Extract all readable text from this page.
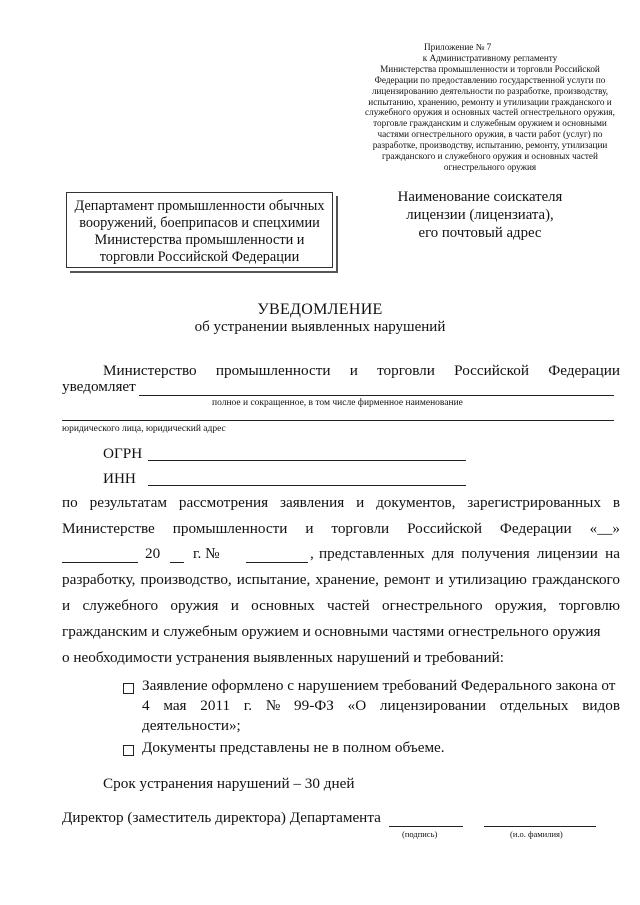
Приложение № 7
к Административному регламенту
Министерства промышленности и торговли Российской
Федерации по предоставлению государственной услуги по
лицензированию деятельности по разработке, производству,
испытанию, хранению, ремонту и утилизации гражданского и
служебного оружия и основных частей огнестрельного оружия,
торговле гражданским и служебным оружием и основными
частями огнестрельного оружия, в части работ (услуг) по
разработке, производству, испытанию, ремонту, утилизации
гражданского и служебного оружия и основных частей
огнестрельного оружия
Департамент промышленности обычных
вооружений, боеприпасов и спецхимии
Министерства промышленности и
торговли Российской Федерации
Наименование соискателя
лицензии (лицензиата),
его почтовый адрес
УВЕДОМЛЕНИЕ
об устранении выявленных нарушений
Министерство промышленности и торговли Российской Федерации
уведомляет
полное и сокращенное, в том числе фирменное наименование
юридического лица, юридический адрес
ОГРН
ИНН
по результатам рассмотрения заявления и документов, зарегистрированных в
Министерстве промышленности и торговли Российской Федерации «__»
20 г. №	, представленных для получения лицензии на
разработку, производство, испытание, хранение, ремонт и утилизацию гражданского
и служебного оружия и основных частей огнестрельного оружия, торговлю
гражданским и служебным оружием и основными частями огнестрельного оружия
о необходимости устранения выявленных нарушений и требований:
Заявление оформлено с нарушением требований Федерального закона от
4 мая 2011 г. № 99-ФЗ «О лицензировании отдельных видов
деятельности»;
Документы представлены не в полном объеме.
Срок устранения нарушений – 30 дней
Директор (заместитель директора) Департамента
(подпись)	(и.о. фамилия)
